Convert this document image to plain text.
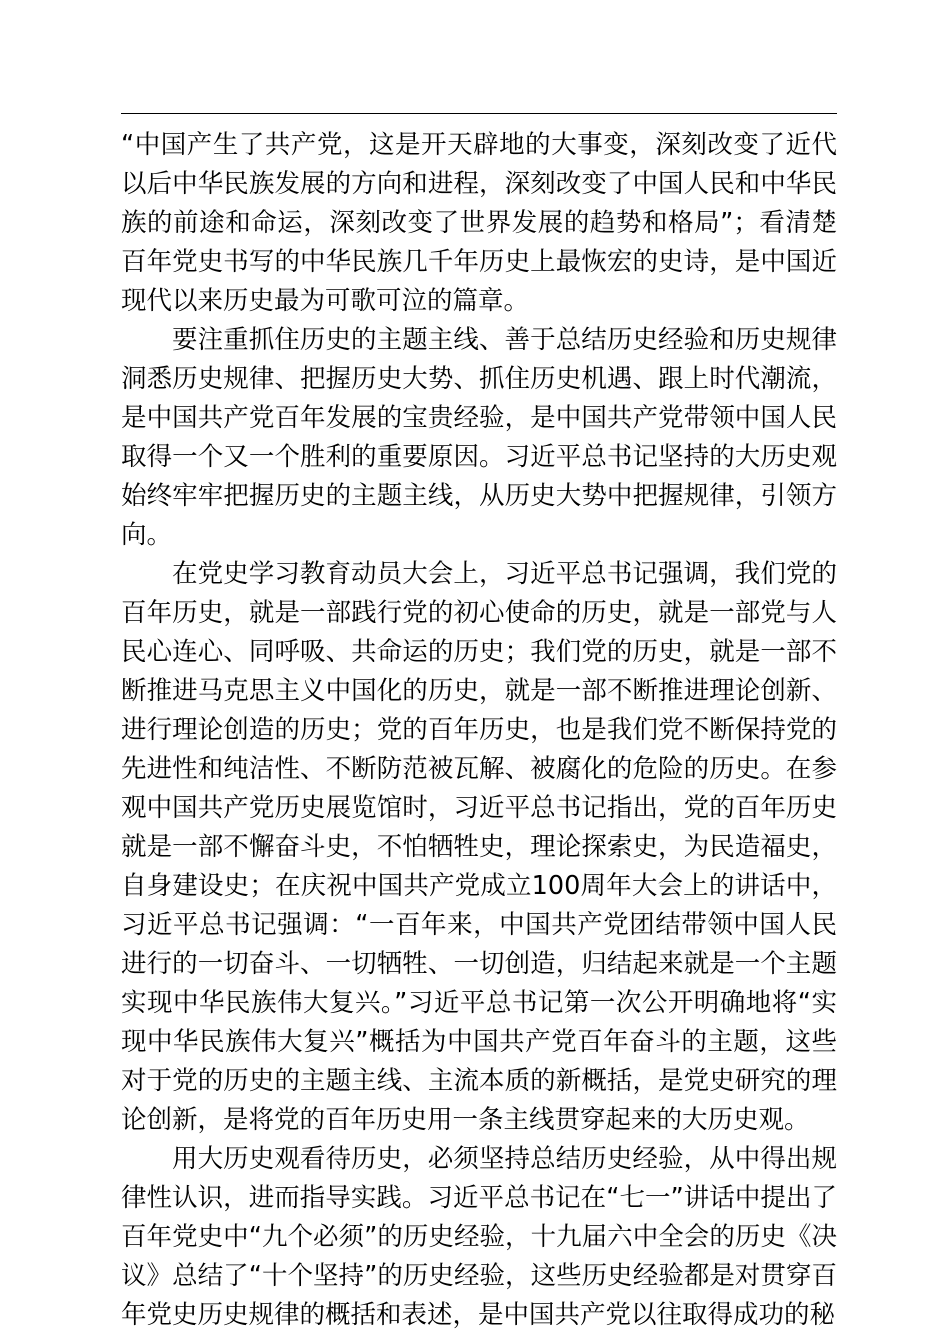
“中国产生了共产党，这是开天辟地的大事变，深刻改变了近代以后中华民族发展的方向和进程，深刻改变了中国人民和中华民族的前途和命运，深刻改变了世界发展的趋势和格局”；看清楚百年党史书写的中华民族几千年历史上最恢宏的史诗，是中国近现代以来历史最为可歌可泣的篇章。

要注重抓住历史的主题主线、善于总结历史经验和历史规律洞悉历史规律、把握历史大势、抓住历史机遇、跟上时代潮流，是中国共产党百年发展的宝贵经验，是中国共产党带领中国人民取得一个又一个胜利的重要原因。习近平总书记坚持的大历史观始终牢牢把握历史的主题主线，从历史大势中把握规律，引领方向。

在党史学习教育动员大会上，习近平总书记强调，我们党的百年历史，就是一部践行党的初心使命的历史，就是一部党与人民心连心、同呼吸、共命运的历史；我们党的历史，就是一部不断推进马克思主义中国化的历史，就是一部不断推进理论创新、进行理论创造的历史；党的百年历史，也是我们党不断保持党的先进性和纯洁性、不断防范被瓦解、被腐化的危险的历史。在参观中国共产党历史展览馆时，习近平总书记指出，党的百年历史就是一部不懈奋斗史，不怕牺牲史，理论探索史，为民造福史，自身建设史；在庆祝中国共产党成立100周年大会上的讲话中，习近平总书记强调：“一百年来，中国共产党团结带领中国人民进行的一切奋斗、一切牺牲、一切创造，归结起来就是一个主题实现中华民族伟大复兴。”习近平总书记第一次公开明确地将“实现中华民族伟大复兴”概括为中国共产党百年奋斗的主题，这些对于党的历史的主题主线、主流本质的新概括，是党史研究的理论创新，是将党的百年历史用一条主线贯穿起来的大历史观。

用大历史观看待历史，必须坚持总结历史经验，从中得出规律性认识，进而指导实践。习近平总书记在“七一”讲话中提出了百年党史中“九个必须”的历史经验，十九届六中全会的历史《决议》总结了“十个坚持”的历史经验，这些历史经验都是对贯穿百年党史历史规律的概括和表述，是中国共产党以往取得成功的秘
